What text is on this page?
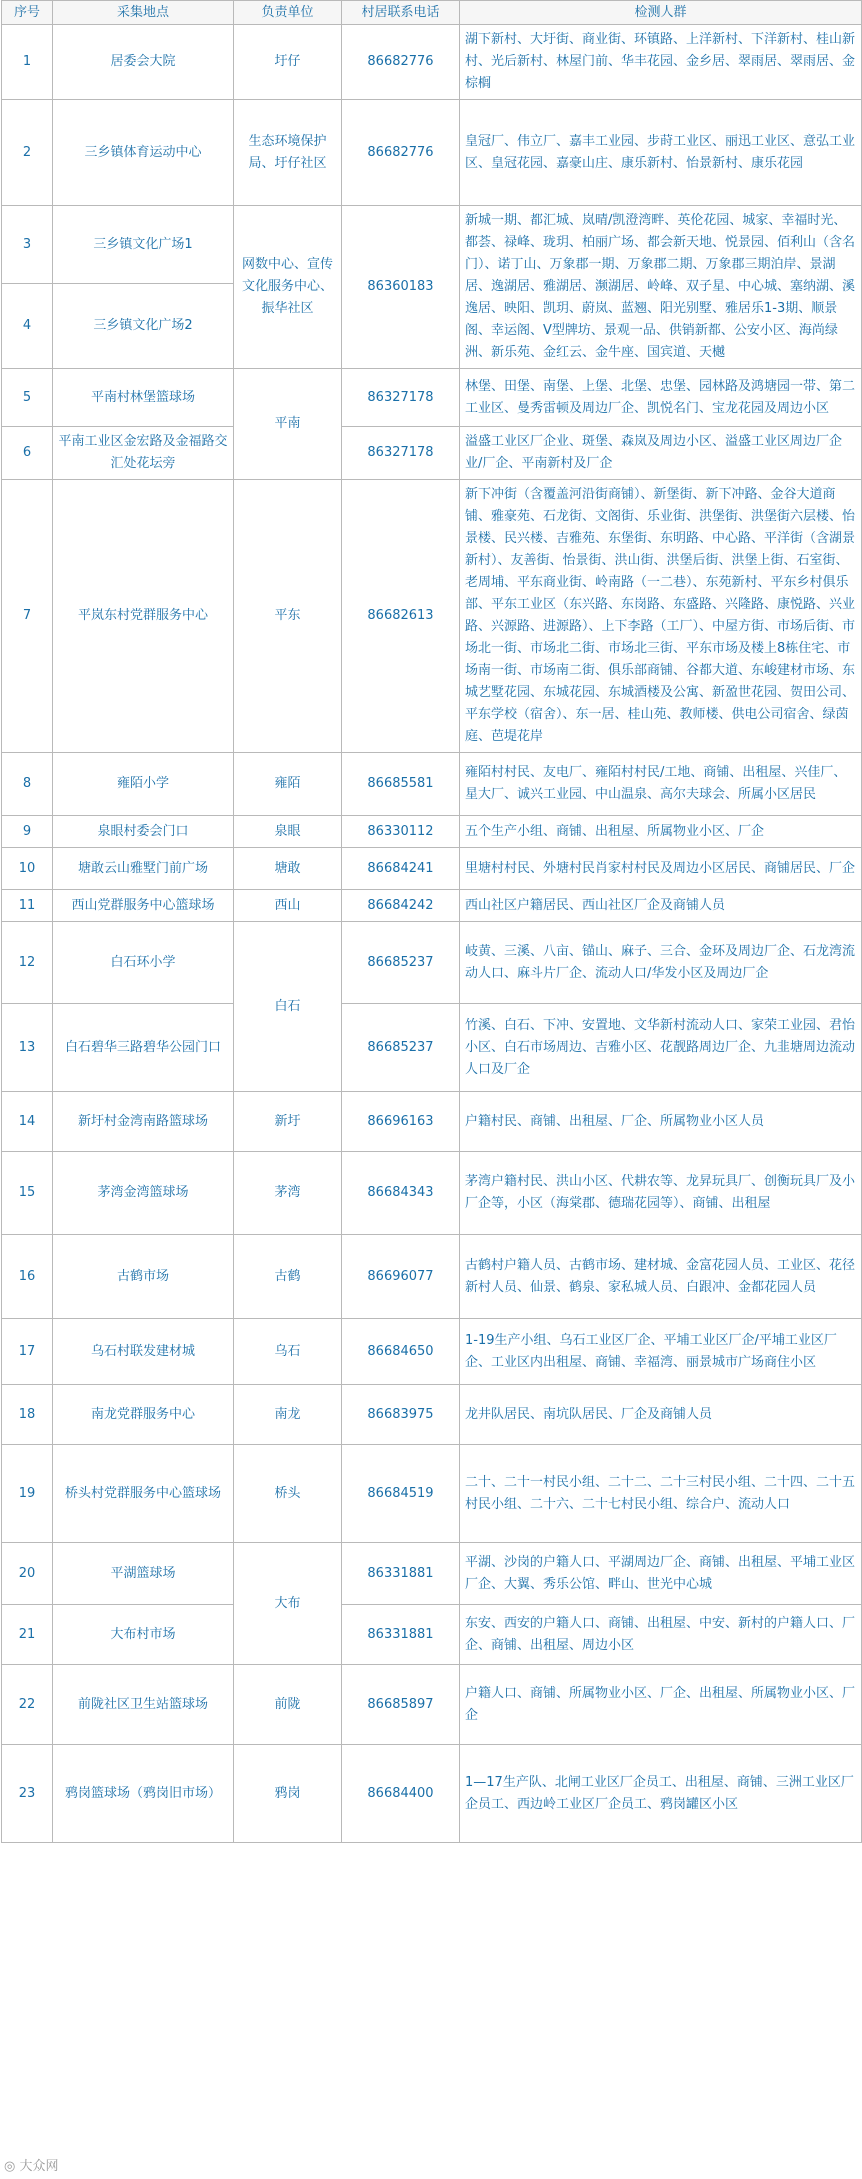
序号	采集地点	负责单位	村居联系电话	检测人群
1	居委会大院	圩仔	86682776	湖下新村、大圩街、商业街、环镇路、上洋新村、下洋新村、桂山新村、光后新村、林屋门前、华丰花园、金乡居、翠雨居、翠雨居、金棕榈
2	三乡镇体育运动中心	生态环境保护局、圩仔社区	86682776	皇冠厂、伟立厂、嘉丰工业园、步莳工业区、丽迅工业区、意弘工业区、皇冠花园、嘉豪山庄、康乐新村、怡景新村、康乐花园
3	三乡镇文化广场1	网数中心、宣传文化服务中心、振华社区	86360183	新城一期、都汇城、岚晴/凯澄湾畔、英伦花园、城家、幸福时光、都荟、禄峰、珑玥、柏丽广场、都会新天地、悦景园、佰利山（含名门）、诺丁山、万象郡一期、万象郡二期、万象郡三期泊岸、景湖居、逸湖居、雅湖居、濒湖居、岭峰、双子星、中心城、塞纳湖、溪逸居、映阳、凯玥、蔚岚、蓝翘、阳光别墅、雅居乐1-3期、顺景阁、幸运阁、V型牌坊、景观一品、供销新都、公安小区、海尚绿洲、新乐苑、金红云、金牛座、国宾道、天樾
4	三乡镇文化广场2			
5	平南村林堡篮球场	平南	86327178	林堡、田堡、南堡、上堡、北堡、忠堡、园林路及鸿塘园一带、第二工业区、曼秀雷顿及周边厂企、凯悦名门、宝龙花园及周边小区
6	平南工业区金宏路及金福路交汇处花坛旁		86327178	溢盛工业区厂企业、斑堡、森岚及周边小区、溢盛工业区周边厂企业/厂企、平南新村及厂企
7	平岚东村党群服务中心	平东	86682613	新下冲街（含覆盖河沿街商铺）、新堡街、新下冲路、金谷大道商铺、雅豪苑、石龙街、文阁街、乐业街、洪堡街、洪堡街六层楼、怡景楼、民兴楼、吉雅苑、东堡街、东明路、中心路、平洋街（含湖景新村）、友善街、怡景街、洪山街、洪堡后街、洪堡上街、石室街、老周埔、平东商业街、岭南路（一二巷）、东苑新村、平东乡村俱乐部、平东工业区（东兴路、东岗路、东盛路、兴隆路、康悦路、兴业路、兴源路、进源路）、上下李路（工厂）、中屋方街、市场后街、市场北一街、市场北二街、市场北三街、平东市场及楼上8栋住宅、市场南一街、市场南二街、俱乐部商铺、谷都大道、东峻建材市场、东城艺墅花园、东城花园、东城酒楼及公寓、新盈世花园、贺田公司、平东学校（宿舍）、东一居、桂山苑、教师楼、供电公司宿舍、绿茵庭、芭堤花岸
8	雍陌小学	雍陌	86685581	雍陌村村民、友电厂、雍陌村村民/工地、商铺、出租屋、兴佳厂、星大厂、诚兴工业园、中山温泉、高尔夫球会、所属小区居民
9	泉眼村委会门口	泉眼	86330112	五个生产小组、商铺、出租屋、所属物业小区、厂企
10	塘敢云山雅墅门前广场	塘敢	86684241	里塘村村民、外塘村民肖家村村民及周边小区居民、商铺居民、厂企
11	西山党群服务中心篮球场	西山	86684242	西山社区户籍居民、西山社区厂企及商铺人员
12	白石环小学	白石	86685237	岐黄、三溪、八亩、锚山、麻子、三合、金环及周边厂企、石龙湾流动人口、麻斗片厂企、流动人口/华发小区及周边厂企
13	白石碧华三路碧华公园门口		86685237	竹溪、白石、下冲、安置地、文华新村流动人口、家荣工业园、君怡小区、白石市场周边、吉雅小区、花靓路周边厂企、九韭塘周边流动人口及厂企
14	新圩村金湾南路篮球场	新圩	86696163	户籍村民、商铺、出租屋、厂企、所属物业小区人员
15	茅湾金湾篮球场	茅湾	86684343	茅湾户籍村民、洪山小区、代耕农等、龙昇玩具厂、创衡玩具厂及小厂企等，小区（海棠郡、德瑞花园等）、商铺、出租屋
16	古鹤市场	古鹤	86696077	古鹤村户籍人员、古鹤市场、建材城、金富花园人员、工业区、花径新村人员、仙景、鹤泉、家私城人员、白跟冲、金都花园人员
17	乌石村联发建材城	乌石	86684650	1-19生产小组、乌石工业区厂企、平埔工业区厂企/平埔工业区厂企、工业区内出租屋、商铺、幸福湾、丽景城市广场商住小区
18	南龙党群服务中心	南龙	86683975	龙井队居民、南坑队居民、厂企及商铺人员
19	桥头村党群服务中心篮球场	桥头	86684519	二十、二十一村民小组、二十二、二十三村民小组、二十四、二十五村民小组、二十六、二十七村民小组、综合户、流动人口
20	平湖篮球场	大布	86331881	平湖、沙岗的户籍人口、平湖周边厂企、商铺、出租屋、平埔工业区厂企、大翼、秀乐公馆、畔山、世光中心城
21	大布村市场		86331881	东安、西安的户籍人口、商铺、出租屋、中安、新村的户籍人口、厂企、商铺、出租屋、周边小区
22	前陇社区卫生站篮球场	前陇	86685897	户籍人口、商铺、所属物业小区、厂企、出租屋、所属物业小区、厂企
23	鸦岗篮球场（鸦岗旧市场）	鸦岗	86684400	1—17生产队、北闸工业区厂企员工、出租屋、商铺、三洲工业区厂企员工、西边岭工业区厂企员工、鸦岗罐区小区
◎ 大众网
